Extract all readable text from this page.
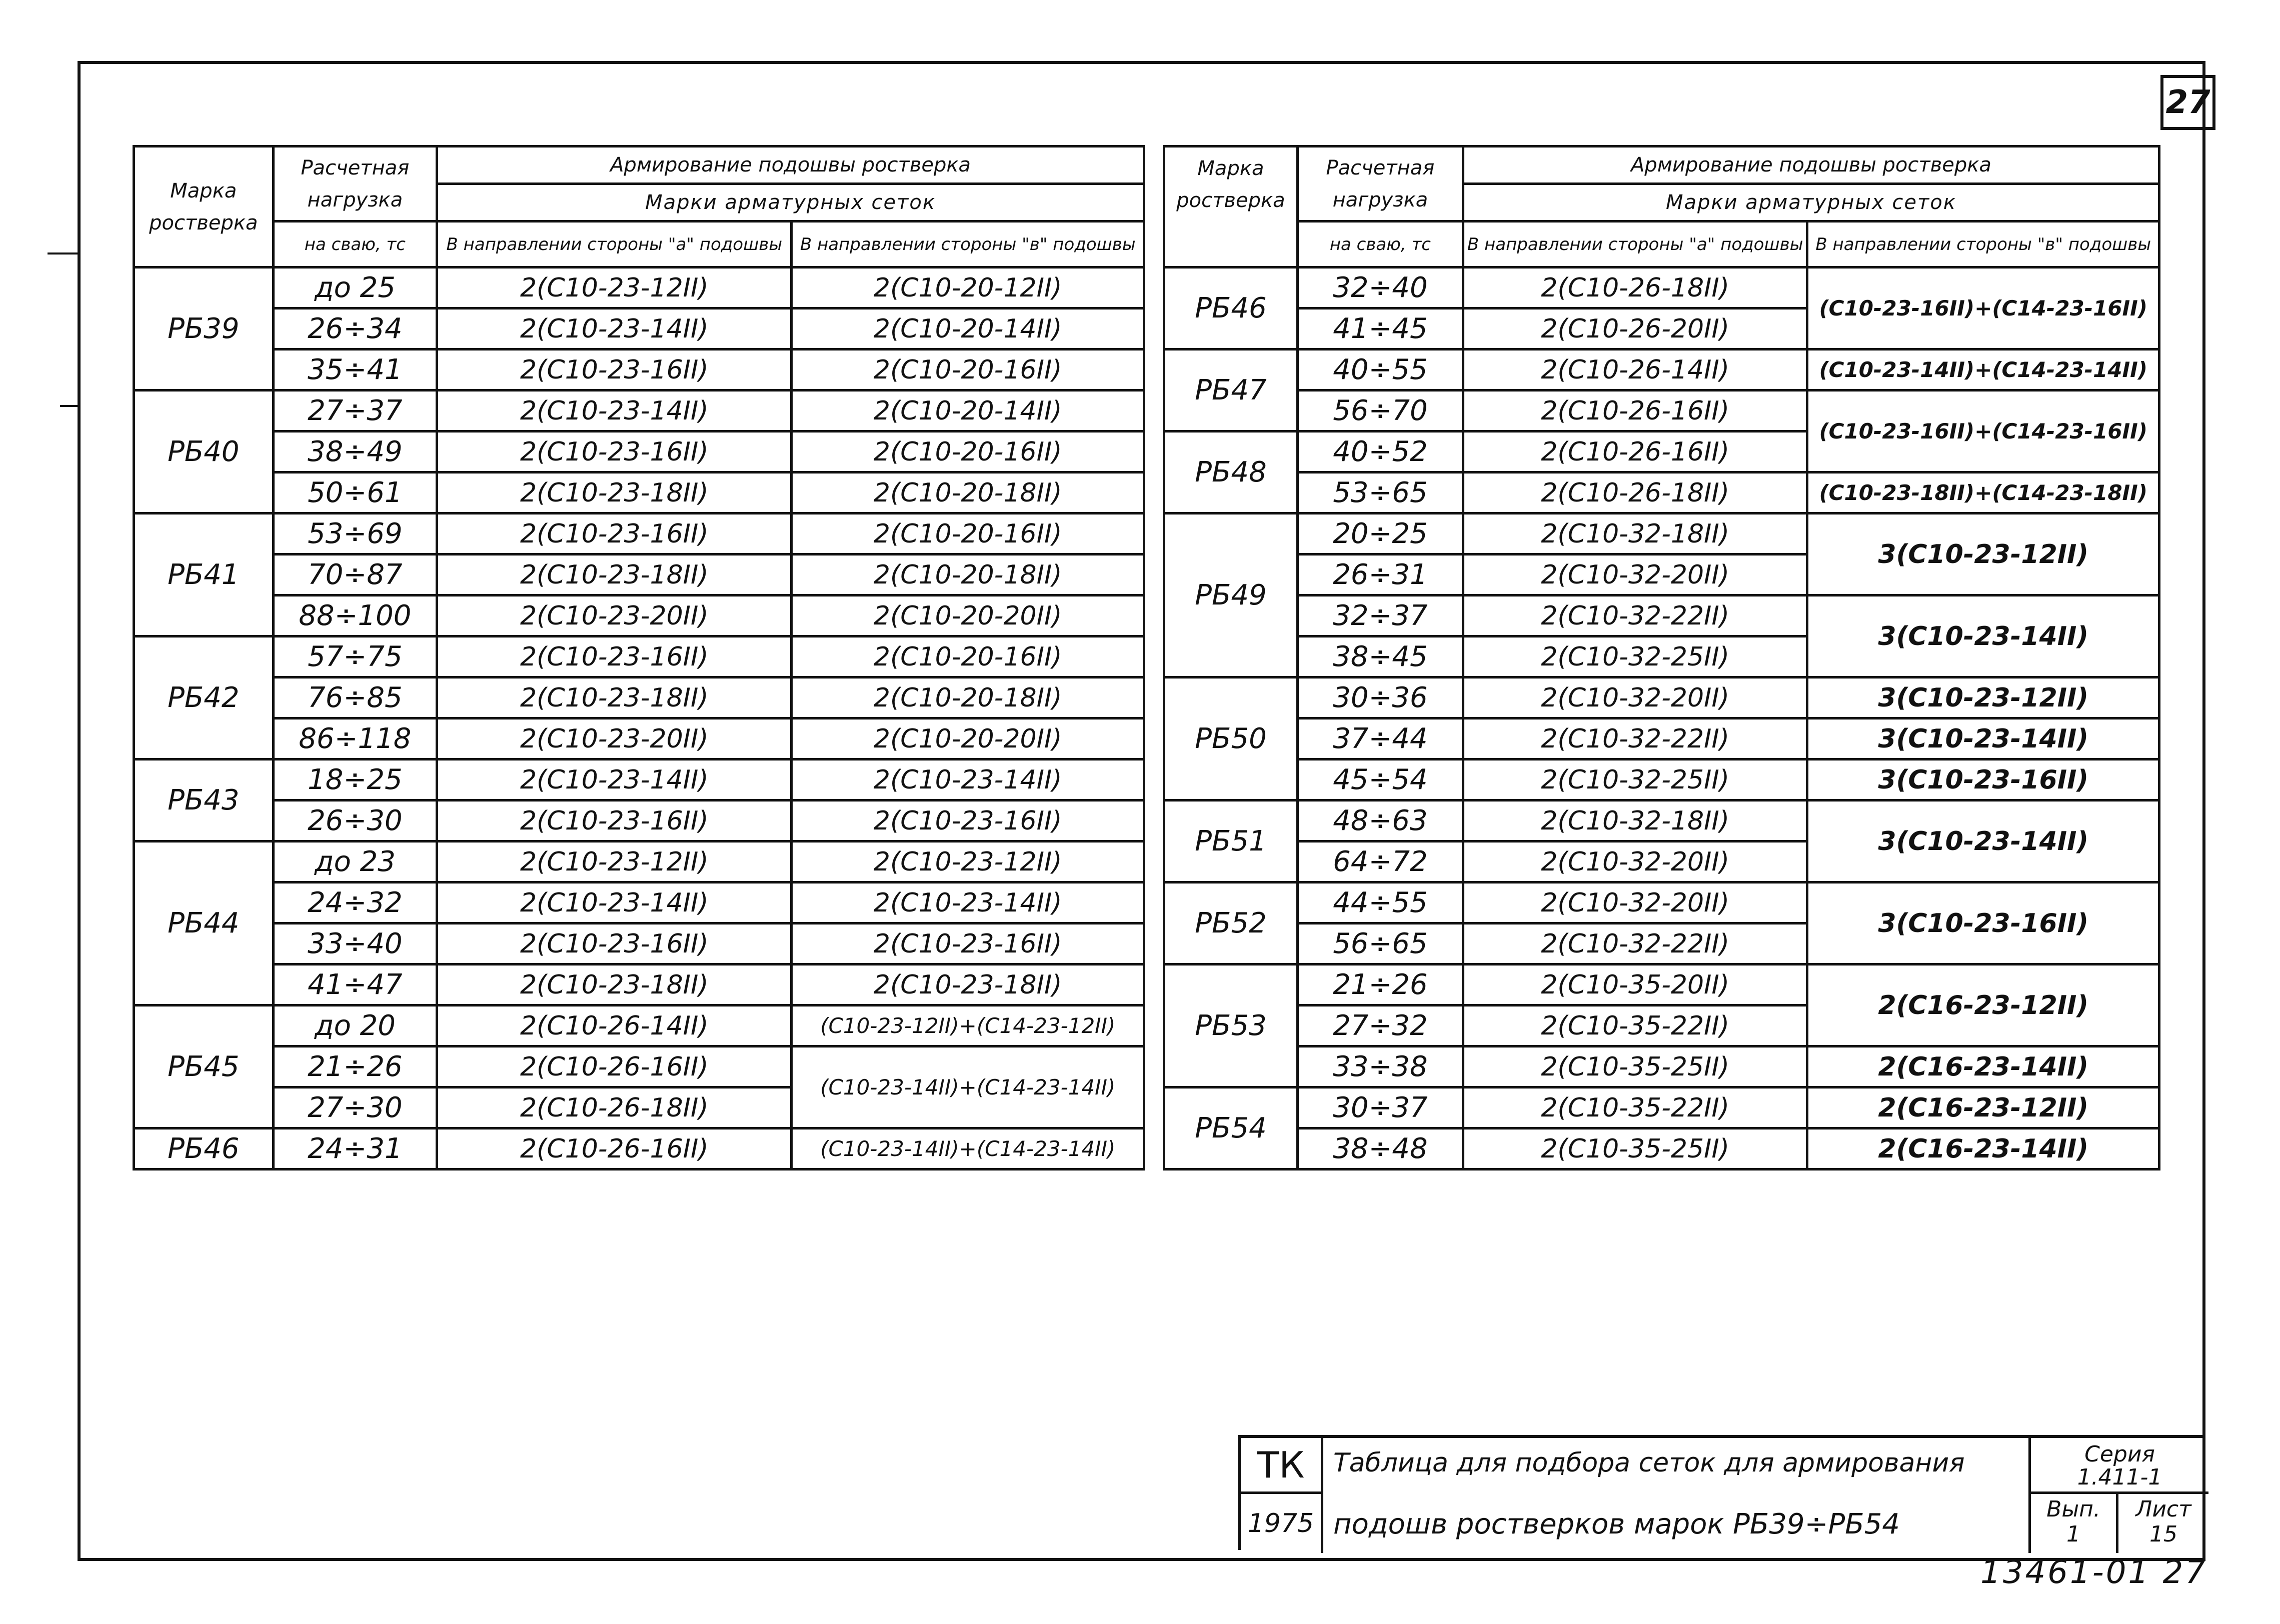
27
Марка ростверка	Расчетная нагрузка	Армирование подошвы ростверка	
		Марки арматурных сеток	
	на сваю, тс	В направлении стороны "а" подошвы	В направлении стороны "в" подошвы
РБ39	до 25	2(С10-23-12II)	2(С10-20-12II)
	26÷34	2(С10-23-14II)	2(С10-20-14II)
	35÷41	2(С10-23-16II)	2(С10-20-16II)
РБ40	27÷37	2(С10-23-14II)	2(С10-20-14II)
	38÷49	2(С10-23-16II)	2(С10-20-16II)
	50÷61	2(С10-23-18II)	2(С10-20-18II)
РБ41	53÷69	2(С10-23-16II)	2(С10-20-16II)
	70÷87	2(С10-23-18II)	2(С10-20-18II)
	88÷100	2(С10-23-20II)	2(С10-20-20II)
РБ42	57÷75	2(С10-23-16II)	2(С10-20-16II)
	76÷85	2(С10-23-18II)	2(С10-20-18II)
	86÷118	2(С10-23-20II)	2(С10-20-20II)
РБ43	18÷25	2(С10-23-14II)	2(С10-23-14II)
	26÷30	2(С10-23-16II)	2(С10-23-16II)
РБ44	до 23	2(С10-23-12II)	2(С10-23-12II)
	24÷32	2(С10-23-14II)	2(С10-23-14II)
	33÷40	2(С10-23-16II)	2(С10-23-16II)
	41÷47	2(С10-23-18II)	2(С10-23-18II)
РБ45	до 20	2(С10-26-14II)	(С10-23-12II)+(С14-23-12II)
	21÷26	2(С10-26-16II)	(С10-23-14II)+(С14-23-14II)
	27÷30	2(С10-26-18II)	
РБ46	24÷31	2(С10-26-16II)	(С10-23-14II)+(С14-23-14II)
Марка ростверка	Расчетная нагрузка	Армирование подошвы ростверка	
		Марки арматурных сеток	
	на сваю, тс	В направлении стороны "а" подошвы	В направлении стороны "в" подошвы
РБ46	32÷40	2(С10-26-18II)	(С10-23-16II)+(С14-23-16II)
	41÷45	2(С10-26-20II)	
РБ47	40÷55	2(С10-26-14II)	(С10-23-14II)+(С14-23-14II)
	56÷70	2(С10-26-16II)	(С10-23-16II)+(С14-23-16II)
РБ48	40÷52	2(С10-26-16II)	
	53÷65	2(С10-26-18II)	(С10-23-18II)+(С14-23-18II)
РБ49	20÷25	2(С10-32-18II)	3(С10-23-12II)
	26÷31	2(С10-32-20II)	
	32÷37	2(С10-32-22II)	3(С10-23-14II)
	38÷45	2(С10-32-25II)	
РБ50	30÷36	2(С10-32-20II)	3(С10-23-12II)
	37÷44	2(С10-32-22II)	3(С10-23-14II)
	45÷54	2(С10-32-25II)	3(С10-23-16II)
РБ51	48÷63	2(С10-32-18II)	3(С10-23-14II)
	64÷72	2(С10-32-20II)	
РБ52	44÷55	2(С10-32-20II)	3(С10-23-16II)
	56÷65	2(С10-32-22II)	
РБ53	21÷26	2(С10-35-20II)	2(С16-23-12II)
	27÷32	2(С10-35-22II)	
	33÷38	2(С10-35-25II)	2(С16-23-14II)
РБ54	30÷37	2(С10-35-22II)	2(С16-23-12II)
	38÷48	2(С10-35-25II)	2(С16-23-14II)
ТК
1975
Таблица для подбора сеток для армирования
подошв ростверков марок РБ39÷РБ54
Серия
1.411-1
Вып.
1
Лист
15
13461-01 27
